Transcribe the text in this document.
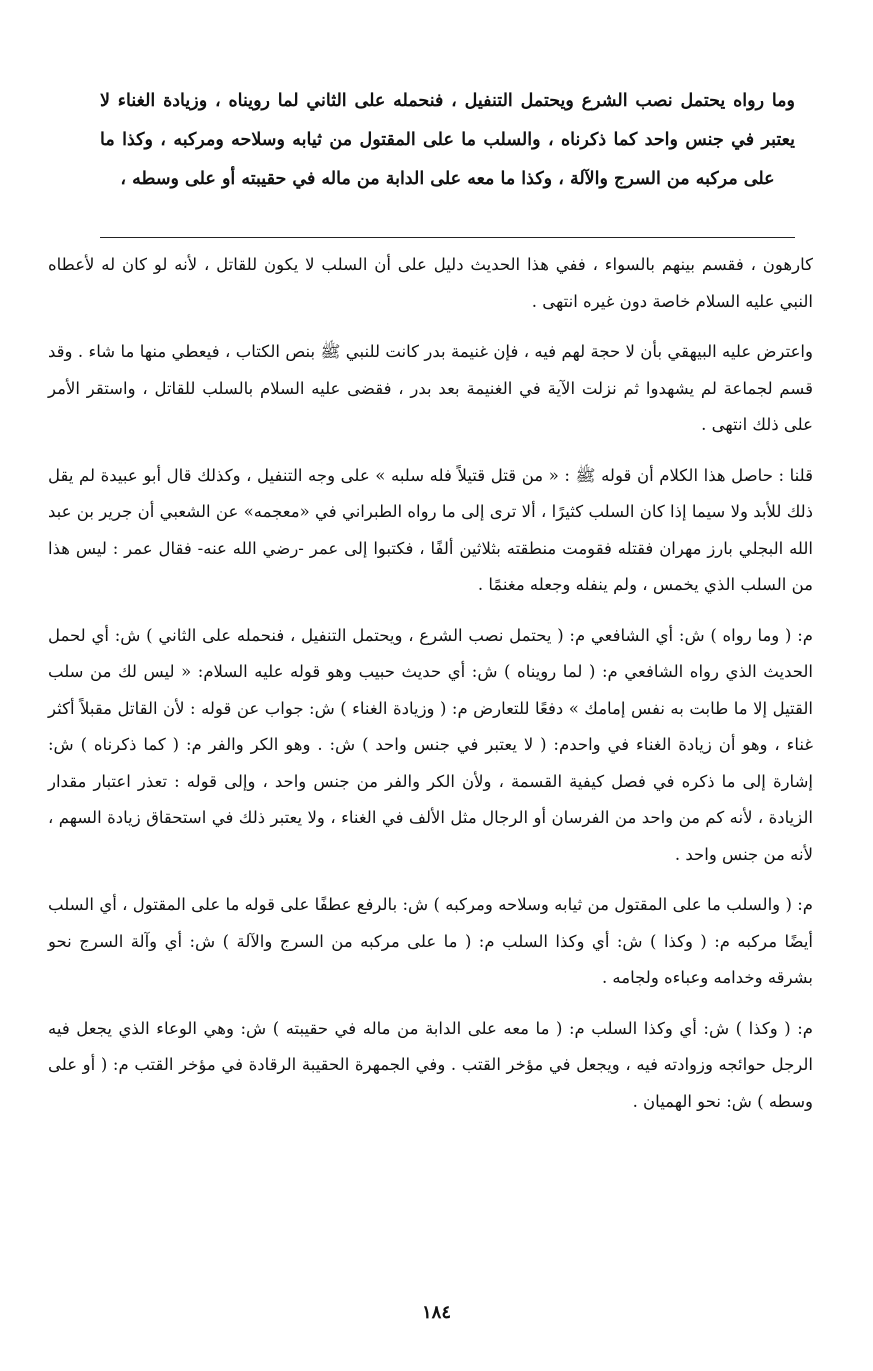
وما رواه يحتمل نصب الشرع ويحتمل التنفيل ، فنحمله على الثاني لما رويناه ، وزيادة الغناء لا يعتبر في جنس واحد كما ذكرناه ، والسلب ما على المقتول من ثيابه وسلاحه ومركبه ، وكذا ما على مركبه من السرج والآلة ، وكذا ما معه على الدابة من ماله في حقيبته أو على وسطه ،

كارهون ، فقسم بينهم بالسواء ، ففي هذا الحديث دليل على أن السلب لا يكون للقاتل ، لأنه لو كان له لأعطاه النبي عليه السلام خاصة دون غيره انتهى .

واعترض عليه البيهقي بأن لا حجة لهم فيه ، فإن غنيمة بدر كانت للنبي ﷺ بنص الكتاب ، فيعطي منها ما شاء . وقد قسم لجماعة لم يشهدوا ثم نزلت الآية في الغنيمة بعد بدر ، فقضى عليه السلام بالسلب للقاتل ، واستقر الأمر على ذلك انتهى .

قلنا : حاصل هذا الكلام أن قوله ﷺ : « من قتل قتيلاً فله سلبه » على وجه التنفيل ، وكذلك قال أبو عبيدة لم يقل ذلك للأبد ولا سيما إذا كان السلب كثيرًا ، ألا ترى إلى ما رواه الطبراني في «معجمه» عن الشعبي أن جرير بن عبد الله البجلي بارز مهران فقتله فقومت منطقته بثلاثين ألفًا ، فكتبوا إلى عمر -رضي الله عنه- فقال عمر : ليس هذا من السلب الذي يخمس ، ولم ينفله وجعله مغنمًا .

م: ( وما رواه ) ش: أي الشافعي م: ( يحتمل نصب الشرع ، ويحتمل التنفيل ، فنحمله على الثاني ) ش: أي لحمل الحديث الذي رواه الشافعي م: ( لما رويناه ) ش: أي حديث حبيب وهو قوله عليه السلام: « ليس لك من سلب القتيل إلا ما طابت به نفس إمامك » دفعًا للتعارض م: ( وزيادة الغناء ) ش: جواب عن قوله : لأن القاتل مقبلاً أكثر غناء ، وهو أن زيادة الغناء في واحدم: ( لا يعتبر في جنس واحد ) ش: . وهو الكر والفر م: ( كما ذكرناه ) ش: إشارة إلى ما ذكره في فصل كيفية القسمة ، ولأن الكر والفر من جنس واحد ، وإلى قوله : تعذر اعتبار مقدار الزيادة ، لأنه كم من واحد من الفرسان أو الرجال مثل الألف في الغناء ، ولا يعتبر ذلك في استحقاق زيادة السهم ، لأنه من جنس واحد .

م: ( والسلب ما على المقتول من ثيابه وسلاحه ومركبه ) ش: بالرفع عطفًا على قوله ما على المقتول ، أي السلب أيضًا مركبه م: ( وكذا ) ش: أي وكذا السلب م: ( ما على مركبه من السرج والآلة ) ش: أي وآلة السرج نحو بشرقه وخدامه وعباءه ولجامه .

م: ( وكذا ) ش: أي وكذا السلب م: ( ما معه على الدابة من ماله في حقيبته ) ش: وهي الوعاء الذي يجعل فيه الرجل حوائجه وزوادته فيه ، ويجعل في مؤخر القتب . وفي الجمهرة الحقيبة الرقادة في مؤخر القتب م: ( أو على وسطه ) ش: نحو الهميان .

١٨٤
